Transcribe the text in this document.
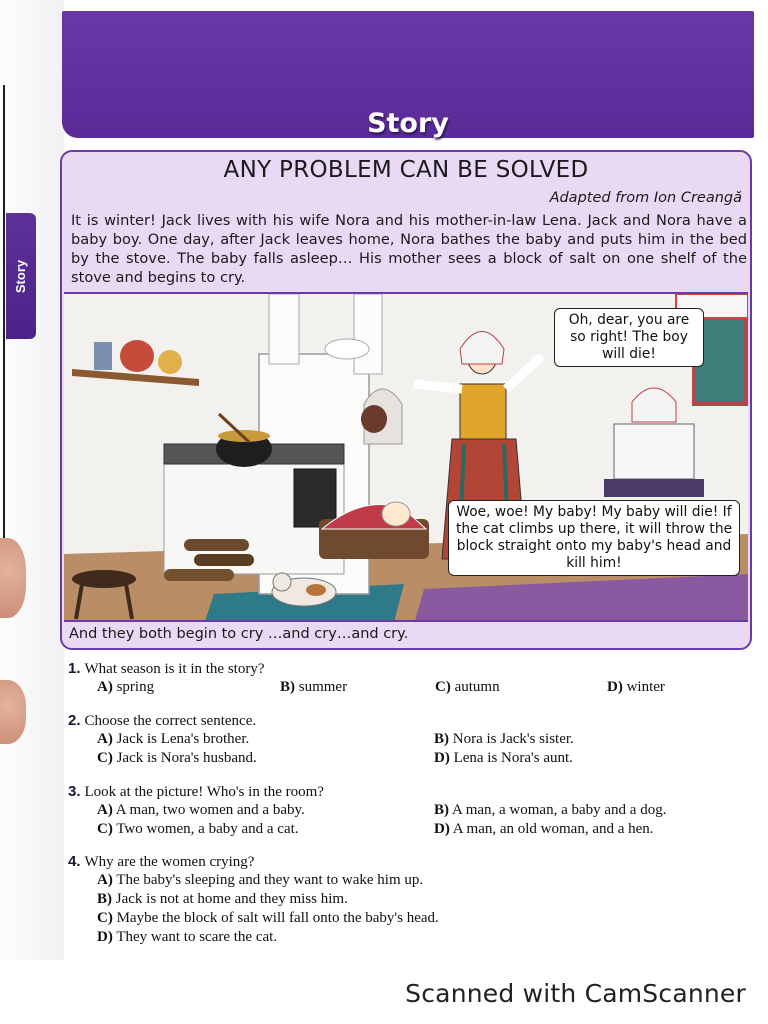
Story
Story
ANY PROBLEM CAN BE SOLVED
Adapted from Ion Creangă
It is winter! Jack lives with his wife Nora and his mother-in-law Lena. Jack and Nora have a baby boy. One day, after Jack leaves home, Nora bathes the baby and puts him in the bed by the stove. The baby falls asleep… His mother sees a block of salt on one shelf of the stove and begins to cry.
Oh, dear, you are so right! The boy will die!
Woe, woe! My baby! My baby will die! If the cat climbs up there, it will throw the block straight onto my baby's head and kill him!
And they both begin to cry …and cry…and cry.
1. What season is it in the story?
A) spring	B) summer	C) autumn	D) winter
2. Choose the correct sentence.
A) Jack is Lena's brother.	B) Nora is Jack's sister.
C) Jack is Nora's husband.	D) Lena is Nora's aunt.
3. Look at the picture! Who's in the room?
A) A man, two women and a baby.	B) A man, a woman, a baby and a dog.
C) Two women, a baby and a cat.	D) A man, an old woman, and a hen.
4. Why are the women crying?
A) The baby's sleeping and they want to wake him up.
B) Jack is not at home and they miss him.
C) Maybe the block of salt will fall onto the baby's head.
D) They want to scare the cat.
Scanned with CamScanner
